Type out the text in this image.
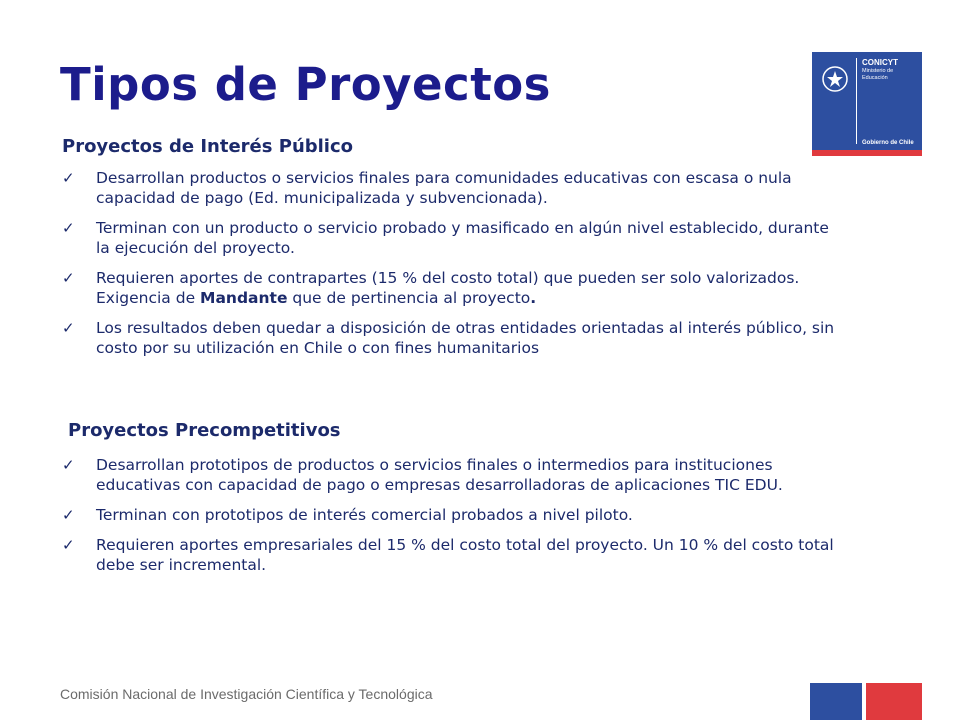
Tipos de Proyectos	CONICYT
Ministerio de Educación
Gobierno de Chile
Proyectos de Interés Público
✓ Desarrollan productos o servicios finales para comunidades educativas con escasa o nula capacidad de pago (Ed. municipalizada y subvencionada).
✓ Terminan con un producto o servicio probado y masificado en algún nivel establecido, durante la ejecución del proyecto.
✓ Requieren aportes de contrapartes (15 % del costo total) que pueden ser solo valorizados. Exigencia de Mandante que de pertinencia al proyecto.
✓ Los resultados deben quedar a disposición de otras entidades orientadas al interés público, sin costo por su utilización en Chile o con fines humanitarios
Proyectos Precompetitivos
✓ Desarrollan prototipos de productos o servicios finales o intermedios para instituciones educativas con capacidad de pago o empresas desarrolladoras de aplicaciones TIC EDU.
✓ Terminan con prototipos de interés comercial probados a nivel piloto.
✓ Requieren aportes empresariales del 15 % del costo total del proyecto. Un 10 % del costo total debe ser incremental.
Comisión Nacional de Investigación Científica y Tecnológica
